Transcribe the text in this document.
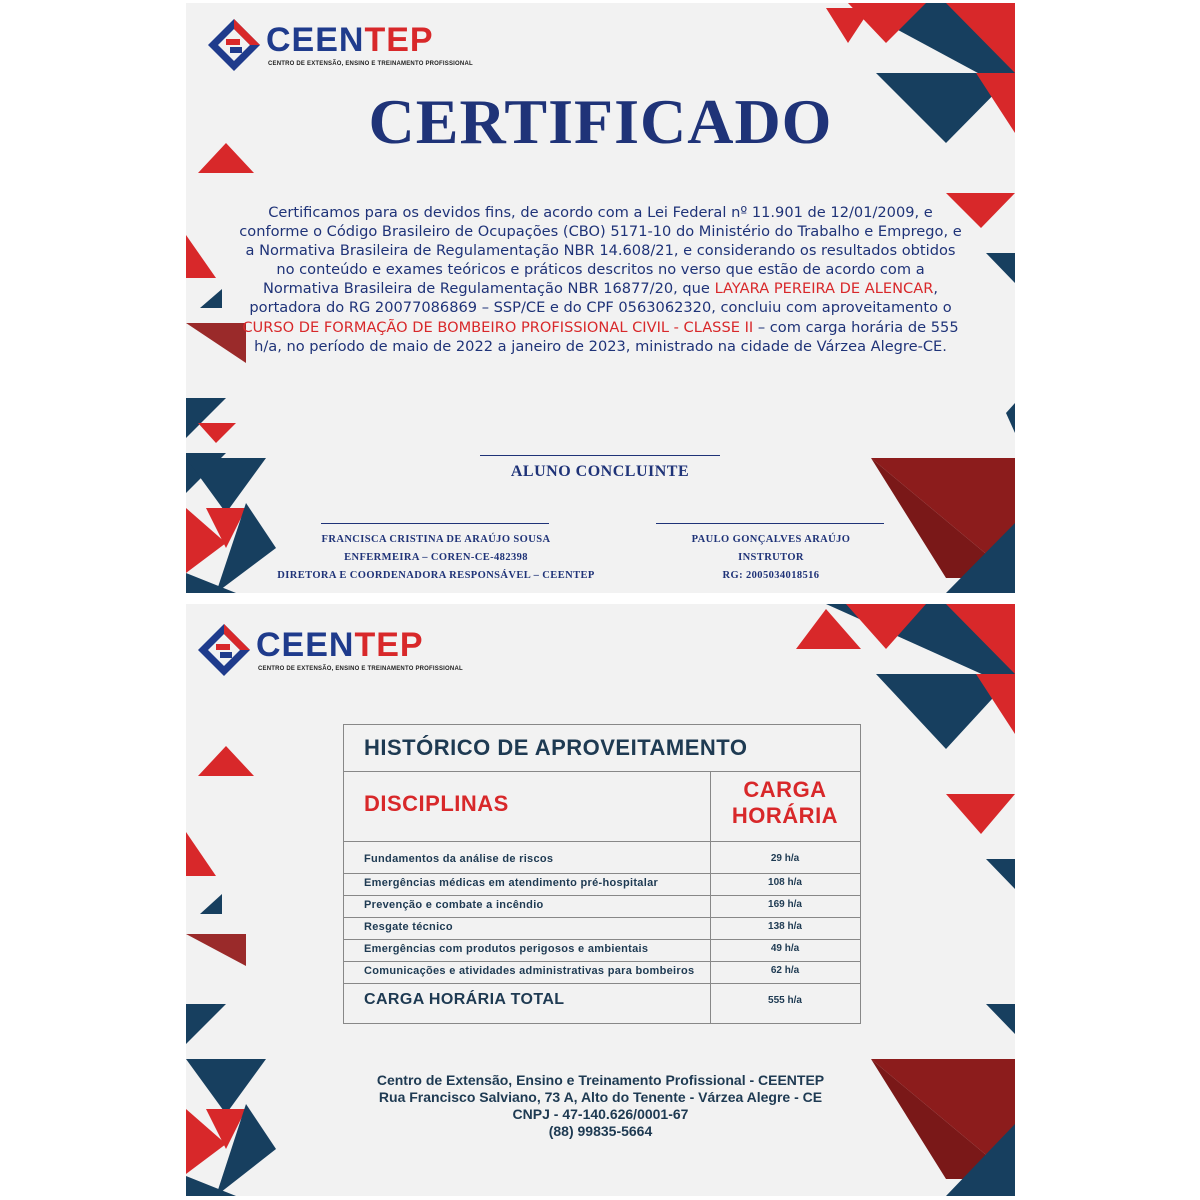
CEENTEP
CENTRO DE EXTENSÃO, ENSINO E TREINAMENTO PROFISSIONAL
CERTIFICADO
Certificamos para os devidos fins, de acordo com a Lei Federal nº 11.901 de 12/01/2009, e conforme o Código Brasileiro de Ocupações (CBO) 5171-10 do Ministério do Trabalho e Emprego, e a Normativa Brasileira de Regulamentação NBR 14.608/21, e considerando os resultados obtidos no conteúdo e exames teóricos e práticos descritos no verso que estão de acordo com a Normativa Brasileira de Regulamentação NBR 16877/20, que LAYARA PEREIRA DE ALENCAR, portadora do RG 20077086869 – SSP/CE e do CPF 0563062320, concluiu com aproveitamento o CURSO DE FORMAÇÃO DE BOMBEIRO PROFISSIONAL CIVIL - CLASSE II – com carga horária de 555 h/a, no período de maio de 2022 a janeiro de 2023, ministrado na cidade de Várzea Alegre-CE.
ALUNO CONCLUINTE
FRANCISCA CRISTINA DE ARAÚJO SOUSA
ENFERMEIRA – COREN-CE-482398
DIRETORA E COORDENADORA RESPONSÁVEL – CEENTEP
PAULO GONÇALVES ARAÚJO
INSTRUTOR
RG: 2005034018516
CEENTEP
CENTRO DE EXTENSÃO, ENSINO E TREINAMENTO PROFISSIONAL
HISTÓRICO DE APROVEITAMENTO
DISCIPLINAS
CARGA HORÁRIA
Fundamentos da análise de riscos	29 h/a
Emergências médicas em atendimento pré-hospitalar	108 h/a
Prevenção e combate a incêndio	169 h/a
Resgate técnico	138 h/a
Emergências com produtos perigosos e ambientais	49 h/a
Comunicações e atividades administrativas para bombeiros	62 h/a
CARGA HORÁRIA TOTAL	555 h/a
Centro de Extensão, Ensino e Treinamento Profissional - CEENTEP
Rua Francisco Salviano, 73 A, Alto do Tenente - Várzea Alegre - CE
CNPJ - 47-140.626/0001-67
(88) 99835-5664
